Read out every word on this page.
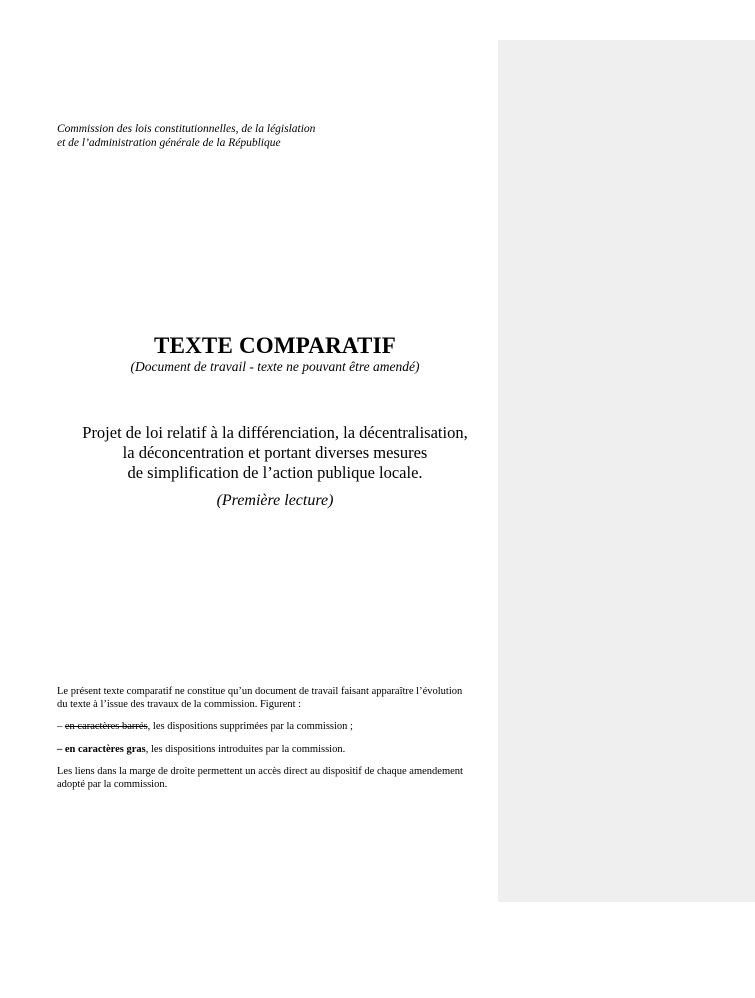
Commission des lois constitutionnelles, de la législation
et de l’administration générale de la République
TEXTE COMPARATIF
(Document de travail - texte ne pouvant être amendé)
Projet de loi relatif à la différenciation, la décentralisation,
la déconcentration et portant diverses mesures
de simplification de l’action publique locale.
(Première lecture)

Le présent texte comparatif ne constitue qu’un document de travail faisant apparaître l’évolution
du texte à l’issue des travaux de la commission. Figurent :

– en caractères barrés, les dispositions supprimées par la commission ;

– en caractères gras, les dispositions introduites par la commission.

Les liens dans la marge de droite permettent un accès direct au dispositif de chaque amendement
adopté par la commission.
